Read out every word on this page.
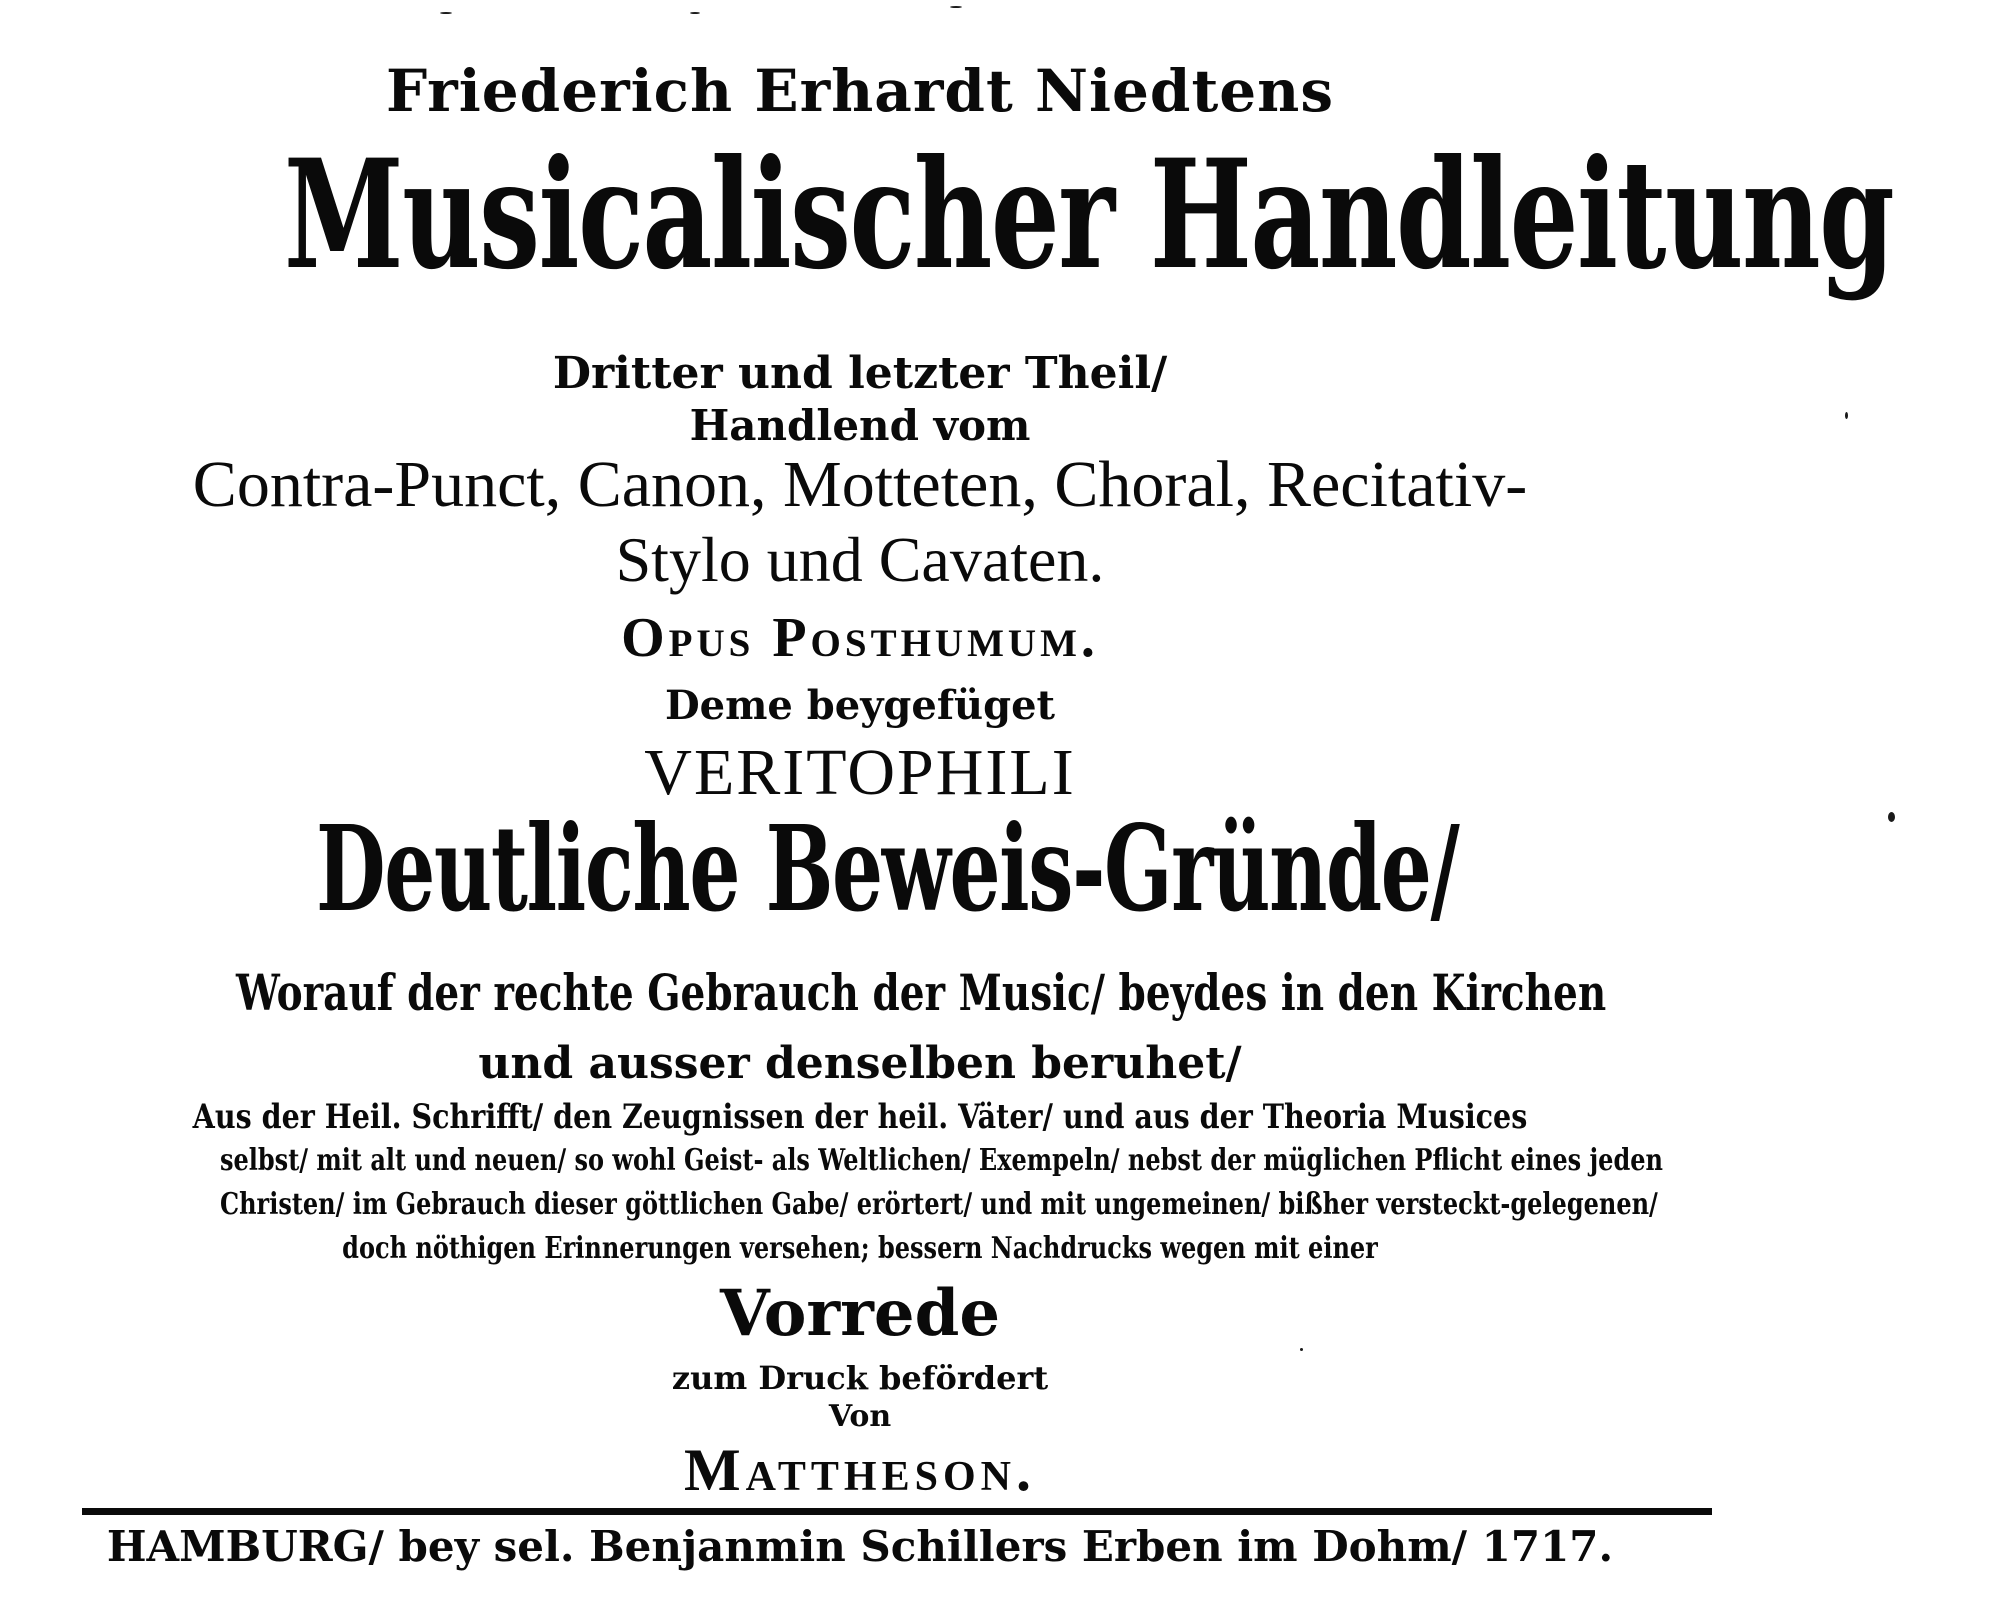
Friederich Erhardt Niedtens
Musicalischer Handleitung
Dritter und letzter Theil/
Handlend vom
Contra-Punct, Canon, Motteten, Choral, Recitativ-
Stylo und Cavaten.
Opus Posthumum.
Deme beygefüget
VERITOPHILI
Deutliche Beweis-Gründe/
Worauf der rechte Gebrauch der Music/ beydes in den Kirchen
und ausser denselben beruhet/
Aus der Heil. Schrifft/ den Zeugnissen der heil. Väter/ und aus der Theoria Musices
selbst/ mit alt und neuen/ so wohl Geist- als Weltlichen/ Exempeln/ nebst der müglichen Pflicht eines jeden
Christen/ im Gebrauch dieser göttlichen Gabe/ erörtert/ und mit ungemeinen/ bißher versteckt-gelegenen/
doch nöthigen Erinnerungen versehen; bessern Nachdrucks wegen mit einer
Vorrede
zum Druck befördert
Von
Mattheson.
HAMBURG/ bey sel. Benjanmin Schillers Erben im Dohm/ 1717.
